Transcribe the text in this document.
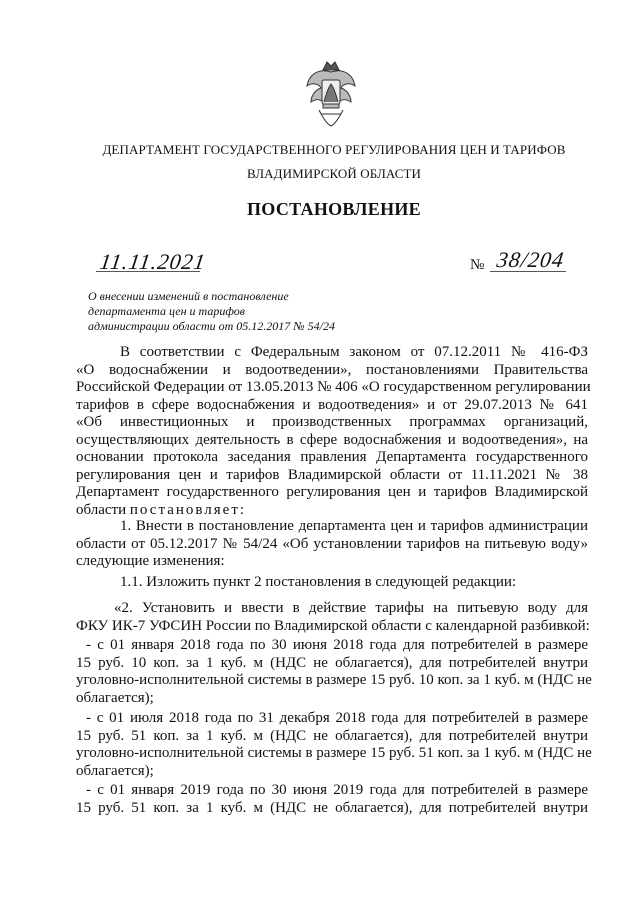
ДЕПАРТАМЕНТ ГОСУДАРСТВЕННОГО РЕГУЛИРОВАНИЯ ЦЕН И ТАРИФОВ
ВЛАДИМИРСКОЙ ОБЛАСТИ
ПОСТАНОВЛЕНИЕ
11.11.2021	№ 38/204
О внесении изменений в постановление
департамента цен и тарифов
администрации области от 05.12.2017 № 54/24
В соответствии с Федеральным законом от 07.12.2011 № 416-ФЗ
«О водоснабжении и водоотведении», постановлениями Правительства
Российской Федерации от 13.05.2013 № 406 «О государственном регулировании
тарифов в сфере водоснабжения и водоотведения» и от 29.07.2013 № 641
«Об инвестиционных и производственных программах организаций,
осуществляющих деятельность в сфере водоснабжения и водоотведения», на
основании протокола заседания правления Департамента государственного
регулирования цен и тарифов Владимирской области от 11.11.2021 № 38
Департамент государственного регулирования цен и тарифов Владимирской
области постановляет:
1. Внести в постановление департамента цен и тарифов администрации
области от 05.12.2017 № 54/24 «Об установлении тарифов на питьевую воду»
следующие изменения:
1.1. Изложить пункт 2 постановления в следующей редакции:
«2. Установить и ввести в действие тарифы на питьевую воду для
ФКУ ИК-7 УФСИН России по Владимирской области с календарной разбивкой:
- с 01 января 2018 года по 30 июня 2018 года для потребителей в размере
15 руб. 10 коп. за 1 куб. м (НДС не облагается), для потребителей внутри
уголовно-исполнительной системы в размере 15 руб. 10 коп. за 1 куб. м (НДС не
облагается);
- с 01 июля 2018 года по 31 декабря 2018 года для потребителей в размере
15 руб. 51 коп. за 1 куб. м (НДС не облагается), для потребителей внутри
уголовно-исполнительной системы в размере 15 руб. 51 коп. за 1 куб. м (НДС не
облагается);
- с 01 января 2019 года по 30 июня 2019 года для потребителей в размере
15 руб. 51 коп. за 1 куб. м (НДС не облагается), для потребителей внутри
